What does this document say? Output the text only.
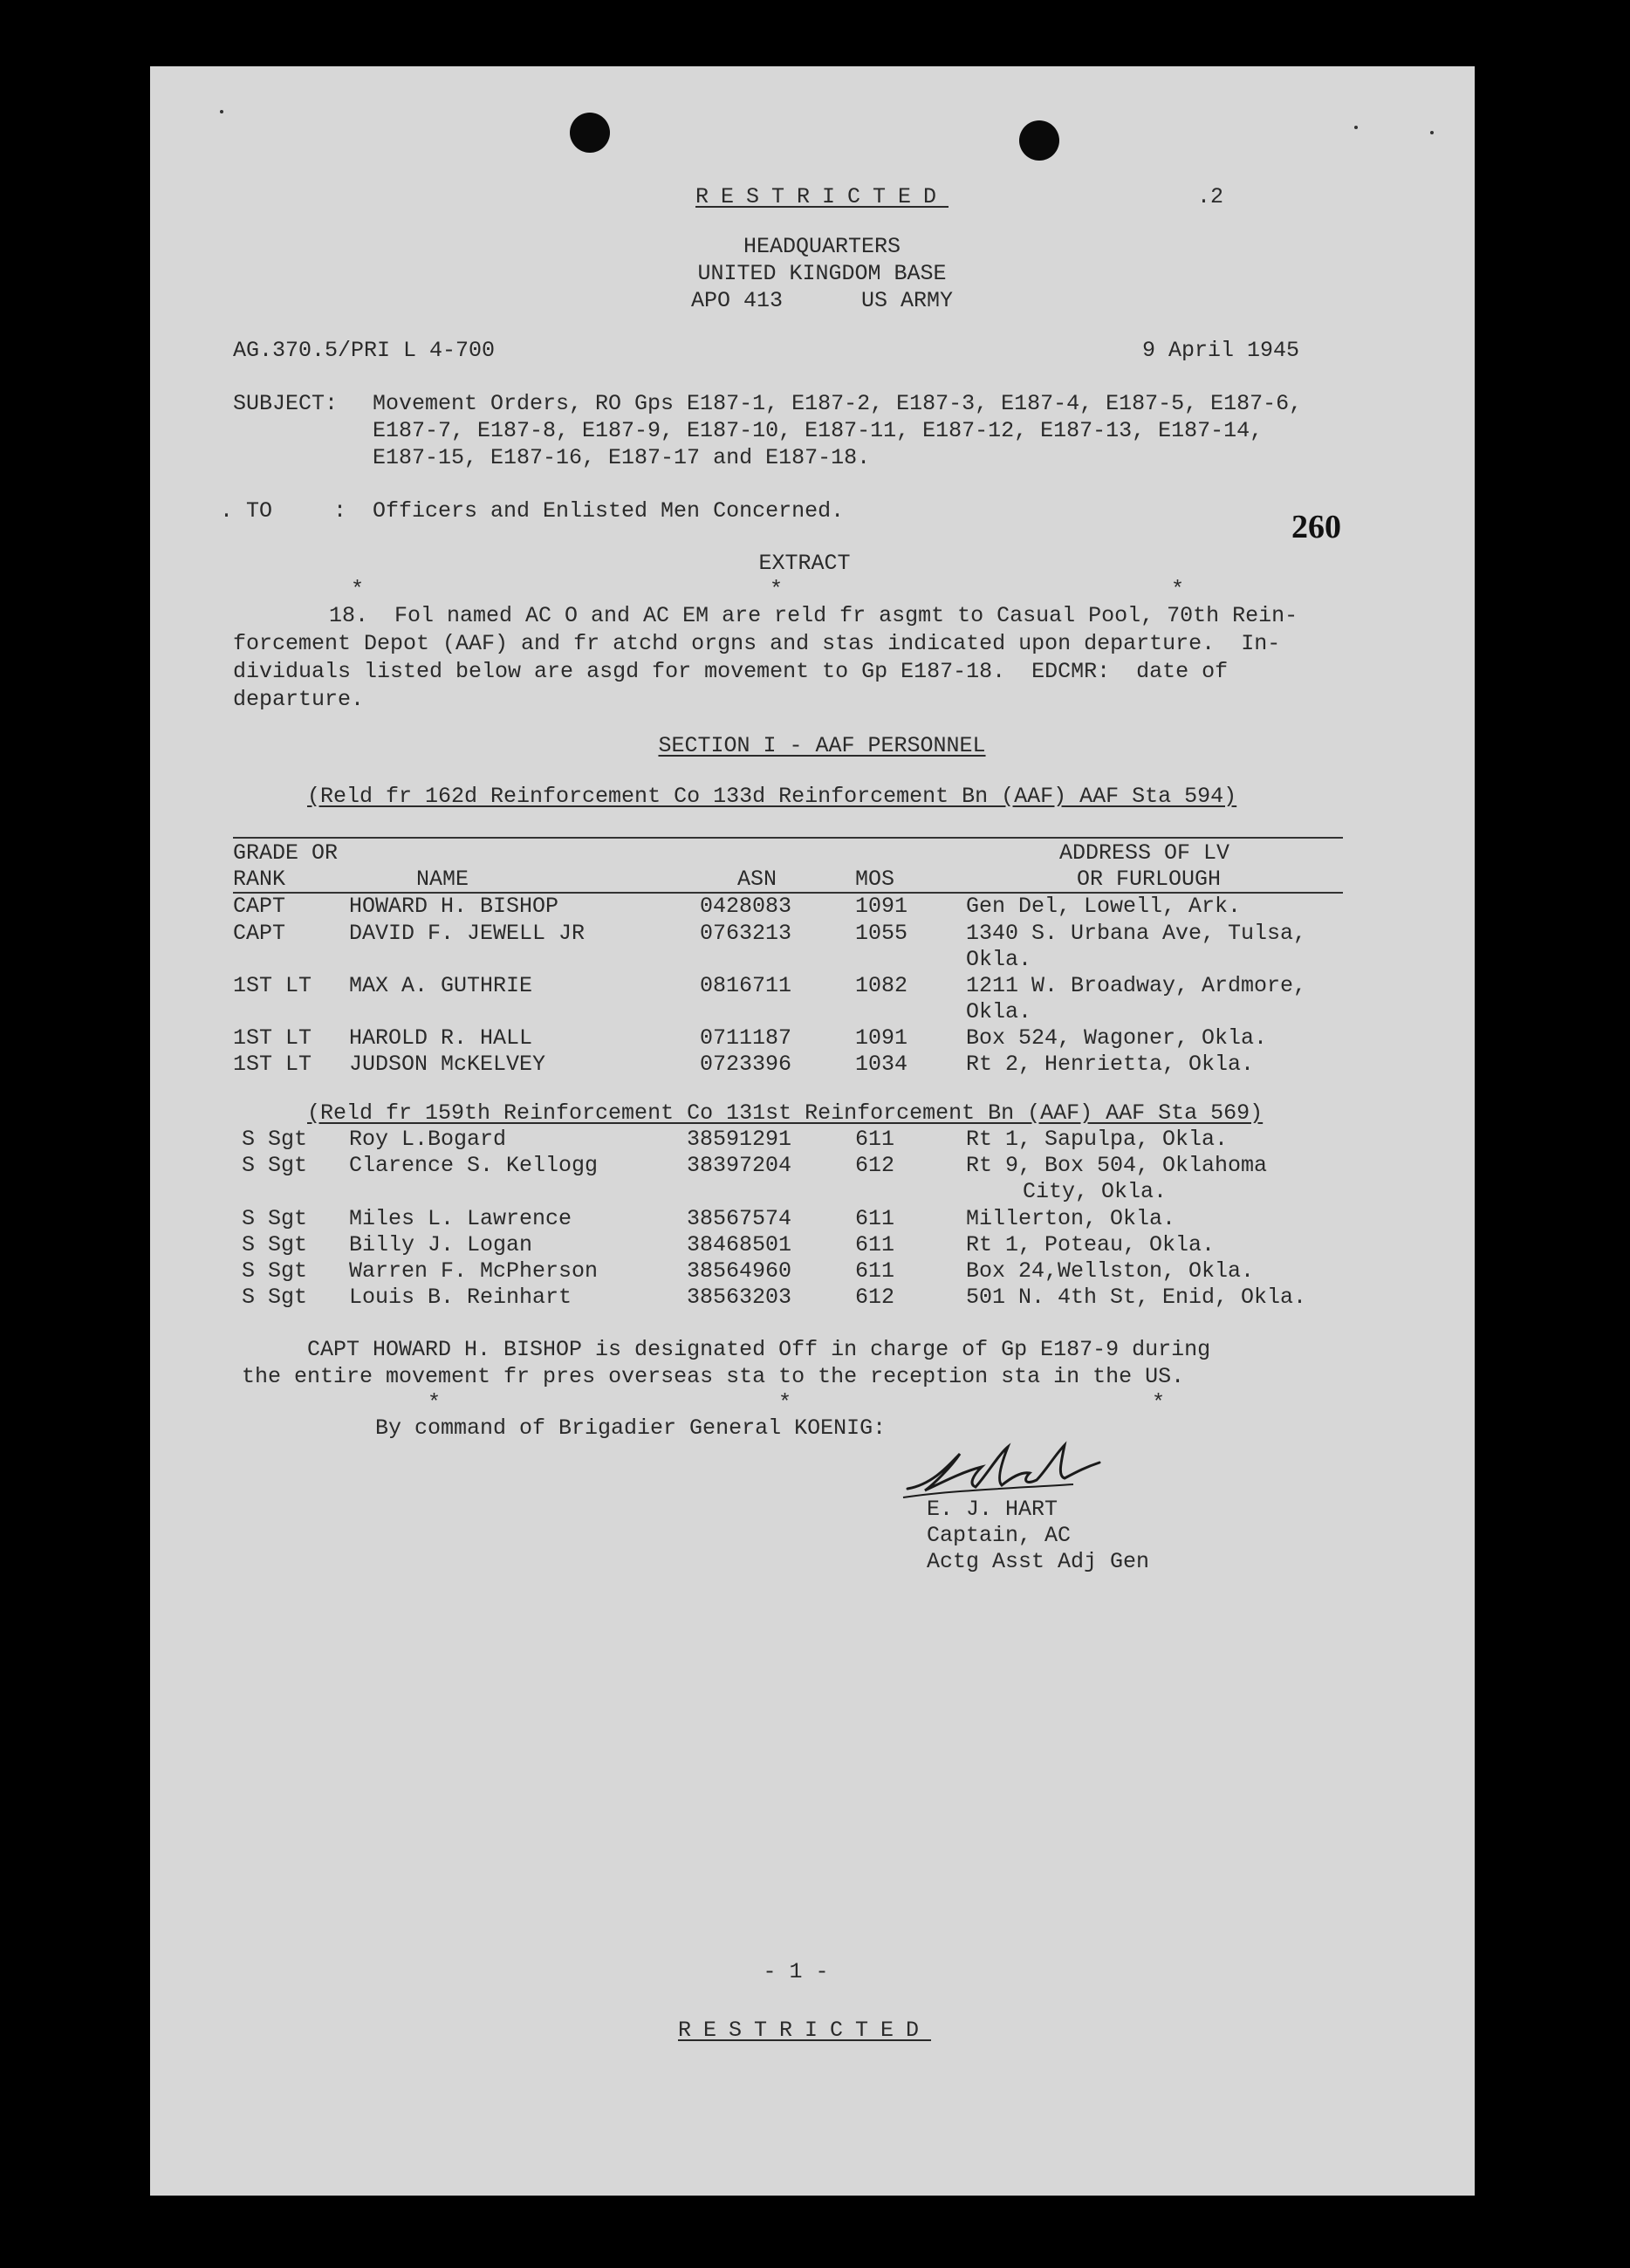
RESTRICTED	.2
HEADQUARTERS
UNITED KINGDOM BASE
APO 413      US ARMY
AG.370.5/PRI L 4-700	9 April 1945
SUBJECT: Movement Orders, RO Gps E187-1, E187-2, E187-3, E187-4, E187-5, E187-6,
E187-7, E187-8, E187-9, E187-10, E187-11, E187-12, E187-13, E187-14,
E187-15, E187-16, E187-17 and E187-18.
. TO	: Officers and Enlisted Men Concerned.	260
EXTRACT
*	*	*
18.  Fol named AC O and AC EM are reld fr asgmt to Casual Pool, 70th Rein-
forcement Depot (AAF) and fr atchd orgns and stas indicated upon departure.  In-
dividuals listed below are asgd for movement to Gp E187-18.  EDCMR:  date of
departure.
SECTION I - AAF PERSONNEL
(Reld fr 162d Reinforcement Co 133d Reinforcement Bn (AAF) AAF Sta 594)
GRADE OR
RANK	NAME	ASN	MOS
ADDRESS OF LV
OR FURLOUGH
CAPT	HOWARD H. BISHOP	0428083	1091	Gen Del, Lowell, Ark.
CAPT	DAVID F. JEWELL JR	0763213	1055	1340 S. Urbana Ave, Tulsa,
Okla.
1ST LT MAX A. GUTHRIE	0816711	1082	1211 W. Broadway, Ardmore,
Okla.
1ST LT HAROLD R. HALL	0711187	1091	Box 524, Wagoner, Okla.
1ST LT JUDSON McKELVEY	0723396	1034	Rt 2, Henrietta, Okla.
(Reld fr 159th Reinforcement Co 131st Reinforcement Bn (AAF) AAF Sta 569)
S Sgt Roy L.Bogard	38591291	611	Rt 1, Sapulpa, Okla.
S Sgt Clarence S. Kellogg	38397204	612	Rt 9, Box 504, Oklahoma
City, Okla.
S Sgt Miles L. Lawrence	38567574	611	Millerton, Okla.
S Sgt Billy J. Logan	38468501	611	Rt 1, Poteau, Okla.
S Sgt Warren F. McPherson	38564960	611	Box 24,Wellston, Okla.
S Sgt Louis B. Reinhart	38563203	612	501 N. 4th St, Enid, Okla.
CAPT HOWARD H. BISHOP is designated Off in charge of Gp E187-9 during
the entire movement fr pres overseas sta to the reception sta in the US.
*	*	*
By command of Brigadier General KOENIG:
E. J. HART
Captain, AC
Actg Asst Adj Gen
- 1 -
RESTRICTED
